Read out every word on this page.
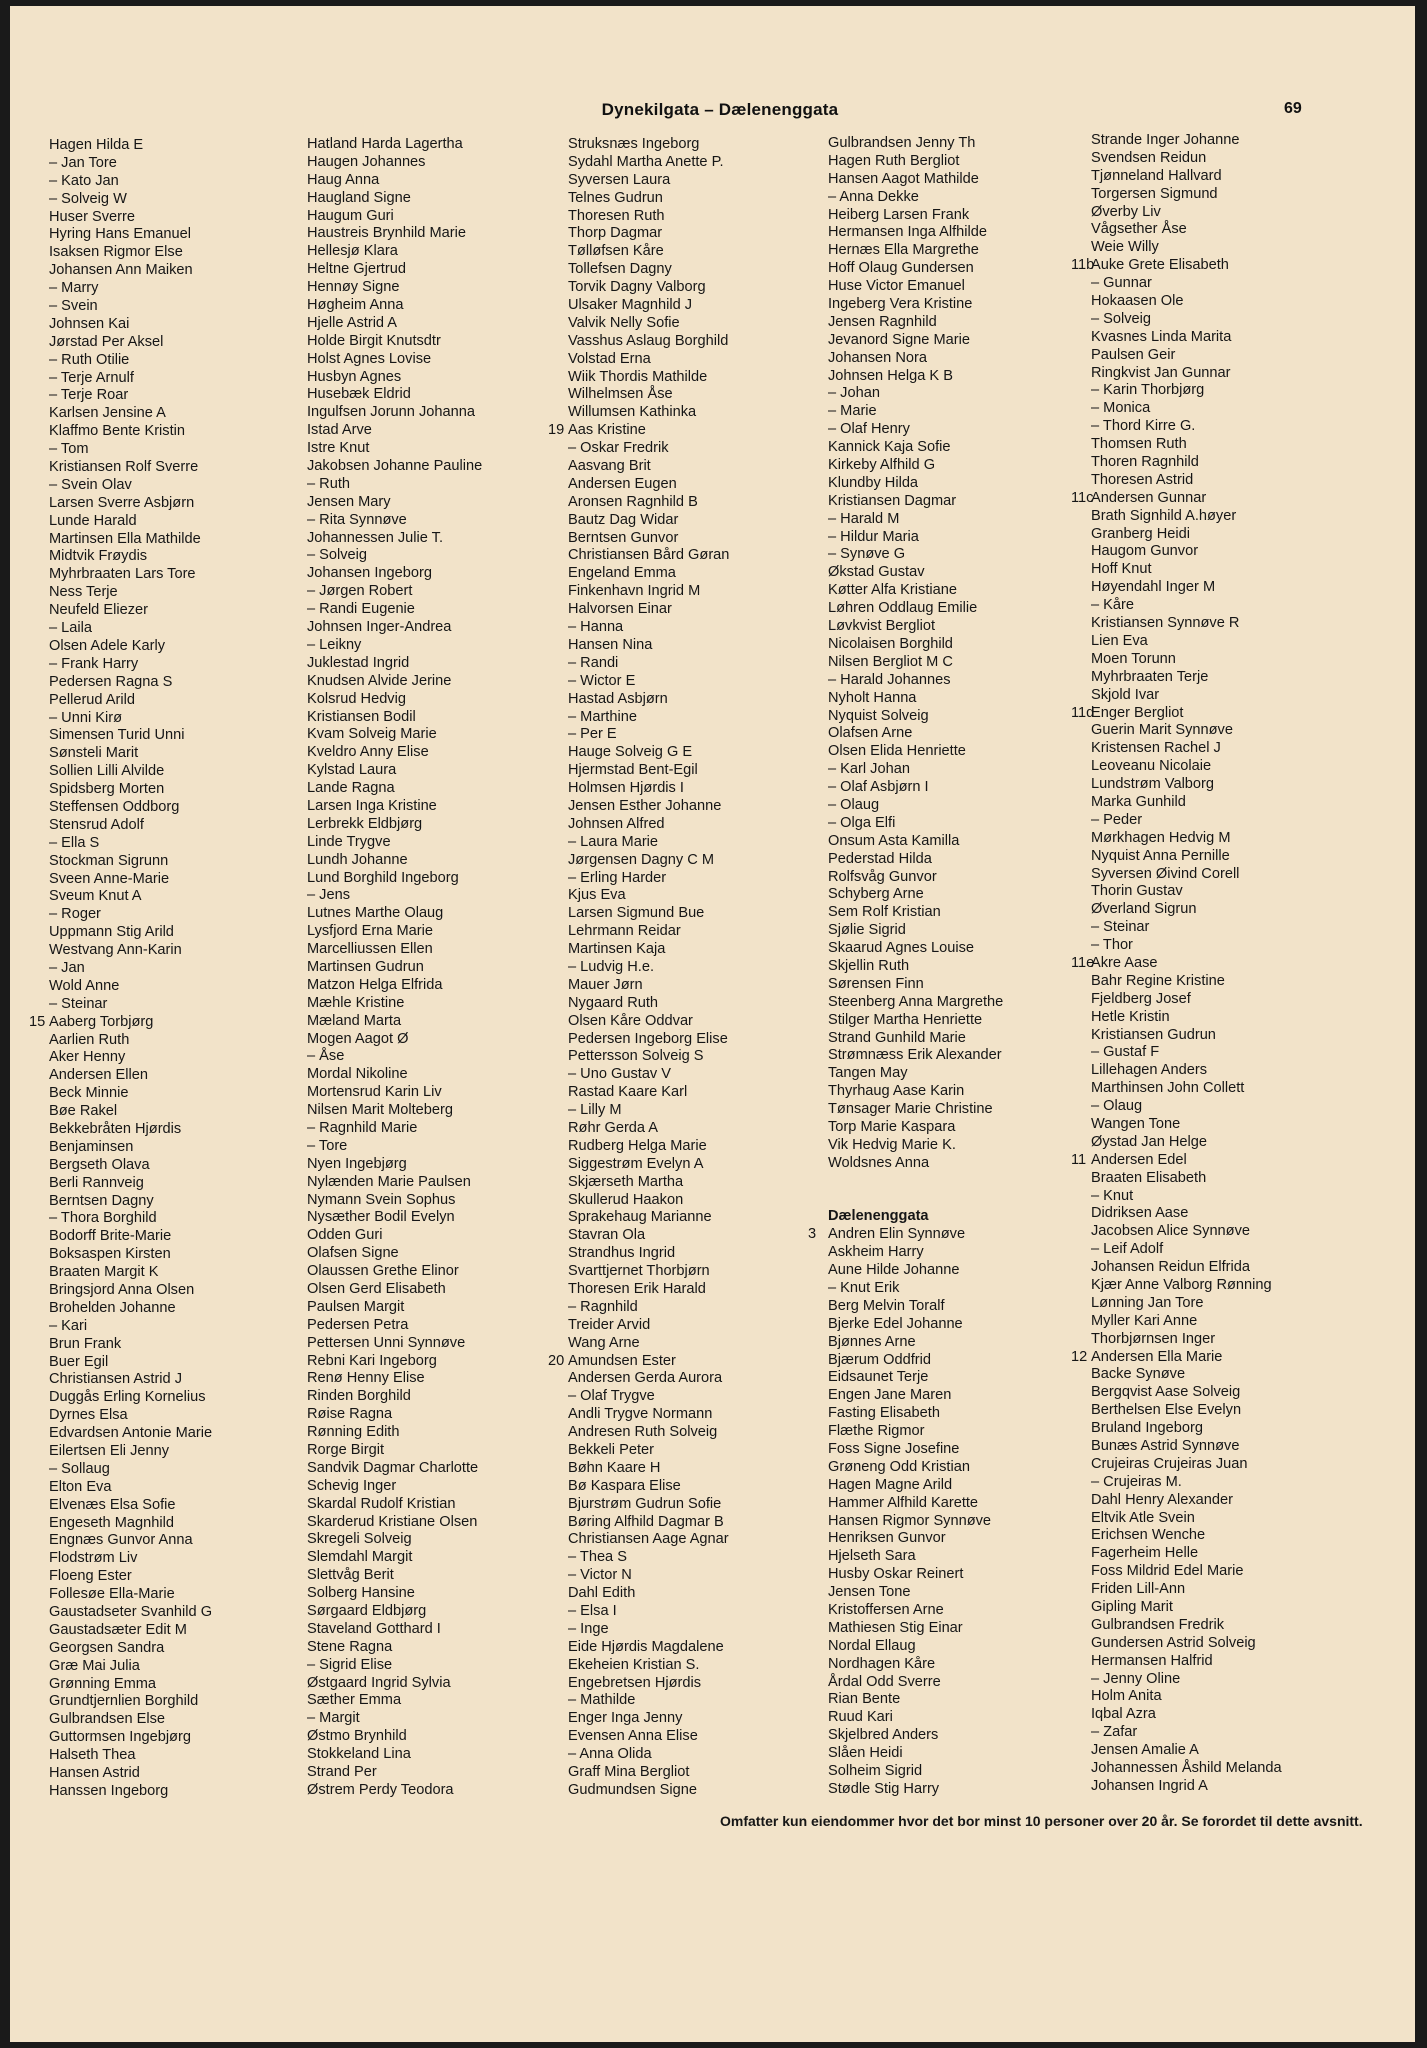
Dynekilgata – Dælenenggata	69
Hagen Hilda E
– Jan Tore
– Kato Jan
– Solveig W
Huser Sverre
Hyring Hans Emanuel
Isaksen Rigmor Else
Johansen Ann Maiken
– Marry
– Svein
Johnsen Kai
Jørstad Per Aksel
– Ruth Otilie
– Terje Arnulf
– Terje Roar
Karlsen Jensine A
Klaffmo Bente Kristin
– Tom
Kristiansen Rolf Sverre
– Svein Olav
Larsen Sverre Asbjørn
Lunde Harald
Martinsen Ella Mathilde
Midtvik Frøydis
Myhrbraaten Lars Tore
Ness Terje
Neufeld Eliezer
– Laila
Olsen Adele Karly
– Frank Harry
Pedersen Ragna S
Pellerud Arild
– Unni Kirø
Simensen Turid Unni
Sønsteli Marit
Sollien Lilli Alvilde
Spidsberg Morten
Steffensen Oddborg
Stensrud Adolf
– Ella S
Stockman Sigrunn
Sveen Anne-Marie
Sveum Knut A
– Roger
Uppmann Stig Arild
Westvang Ann-Karin
– Jan
Wold Anne
– Steinar
15 Aaberg Torbjørg
Aarlien Ruth
Aker Henny
Andersen Ellen
Beck Minnie
Bøe Rakel
Bekkebråten Hjørdis
Benjaminsen
Bergseth Olava
Berli Rannveig
Berntsen Dagny
– Thora Borghild
Bodorff Brite-Marie
Boksaspen Kirsten
Braaten Margit K
Bringsjord Anna Olsen
Brohelden Johanne
– Kari
Brun Frank
Buer Egil
Christiansen Astrid J
Duggås Erling Kornelius
Dyrnes Elsa
Edvardsen Antonie Marie
Eilertsen Eli Jenny
– Sollaug
Elton Eva
Elvenæs Elsa Sofie
Engeseth Magnhild
Engnæs Gunvor Anna
Flodstrøm Liv
Floeng Ester
Follesøe Ella-Marie
Gaustadseter Svanhild G
Gaustadsæter Edit M
Georgsen Sandra
Græ Mai Julia
Grønning Emma
Grundtjernlien Borghild
Gulbrandsen Else
Guttormsen Ingebjørg
Halseth Thea
Hansen Astrid
Hanssen Ingeborg
Hatland Harda Lagertha
Haugen Johannes
Haug Anna
Haugland Signe
Haugum Guri
Haustreis Brynhild Marie
Hellesjø Klara
Heltne Gjertrud
Hennøy Signe
Høgheim Anna
Hjelle Astrid A
Holde Birgit Knutsdtr
Holst Agnes Lovise
Husbyn Agnes
Husebæk Eldrid
Ingulfsen Jorunn Johanna
Istad Arve
Istre Knut
Jakobsen Johanne Pauline
– Ruth
Jensen Mary
– Rita Synnøve
Johannessen Julie T.
– Solveig
Johansen Ingeborg
– Jørgen Robert
– Randi Eugenie
Johnsen Inger-Andrea
– Leikny
Juklestad Ingrid
Knudsen Alvide Jerine
Kolsrud Hedvig
Kristiansen Bodil
Kvam Solveig Marie
Kveldro Anny Elise
Kylstad Laura
Lande Ragna
Larsen Inga Kristine
Lerbrekk Eldbjørg
Linde Trygve
Lundh Johanne
Lund Borghild Ingeborg
– Jens
Lutnes Marthe Olaug
Lysfjord Erna Marie
Marcelliussen Ellen
Martinsen Gudrun
Matzon Helga Elfrida
Mæhle Kristine
Mæland Marta
Mogen Aagot Ø
– Åse
Mordal Nikoline
Mortensrud Karin Liv
Nilsen Marit Molteberg
– Ragnhild Marie
– Tore
Nyen Ingebjørg
Nylænden Marie Paulsen
Nymann Svein Sophus
Nysæther Bodil Evelyn
Odden Guri
Olafsen Signe
Olaussen Grethe Elinor
Olsen Gerd Elisabeth
Paulsen Margit
Pedersen Petra
Pettersen Unni Synnøve
Rebni Kari Ingeborg
Renø Henny Elise
Rinden Borghild
Røise Ragna
Rønning Edith
Rorge Birgit
Sandvik Dagmar Charlotte
Schevig Inger
Skardal Rudolf Kristian
Skarderud Kristiane Olsen
Skregeli Solveig
Slemdahl Margit
Slettvåg Berit
Solberg Hansine
Sørgaard Eldbjørg
Staveland Gotthard I
Stene Ragna
– Sigrid Elise
Østgaard Ingrid Sylvia
Sæther Emma
– Margit
Østmo Brynhild
Stokkeland Lina
Strand Per
Østrem Perdy Teodora
Struksnæs Ingeborg
Sydahl Martha Anette P.
Syversen Laura
Telnes Gudrun
Thoresen Ruth
Thorp Dagmar
Tølløfsen Kåre
Tollefsen Dagny
Torvik Dagny Valborg
Ulsaker Magnhild J
Valvik Nelly Sofie
Vasshus Aslaug Borghild
Volstad Erna
Wiik Thordis Mathilde
Wilhelmsen Åse
Willumsen Kathinka
19 Aas Kristine
– Oskar Fredrik
Aasvang Brit
Andersen Eugen
Aronsen Ragnhild B
Bautz Dag Widar
Berntsen Gunvor
Christiansen Bård Gøran
Engeland Emma
Finkenhavn Ingrid M
Halvorsen Einar
– Hanna
Hansen Nina
– Randi
– Wictor E
Hastad Asbjørn
– Marthine
– Per E
Hauge Solveig G E
Hjermstad Bent-Egil
Holmsen Hjørdis I
Jensen Esther Johanne
Johnsen Alfred
– Laura Marie
Jørgensen Dagny C M
– Erling Harder
Kjus Eva
Larsen Sigmund Bue
Lehrmann Reidar
Martinsen Kaja
– Ludvig H.e.
Mauer Jørn
Nygaard Ruth
Olsen Kåre Oddvar
Pedersen Ingeborg Elise
Pettersson Solveig S
– Uno Gustav V
Rastad Kaare Karl
– Lilly M
Røhr Gerda A
Rudberg Helga Marie
Siggestrøm Evelyn A
Skjærseth Martha
Skullerud Haakon
Sprakehaug Marianne
Stavran Ola
Strandhus Ingrid
Svarttjernet Thorbjørn
Thoresen Erik Harald
– Ragnhild
Treider Arvid
Wang Arne
20 Amundsen Ester
Andersen Gerda Aurora
– Olaf Trygve
Andli Trygve Normann
Andresen Ruth Solveig
Bekkeli Peter
Bøhn Kaare H
Bø Kaspara Elise
Bjurstrøm Gudrun Sofie
Børing Alfhild Dagmar B
Christiansen Aage Agnar
– Thea S
– Victor N
Dahl Edith
– Elsa I
– Inge
Eide Hjørdis Magdalene
Ekeheien Kristian S.
Engebretsen Hjørdis
– Mathilde
Enger Inga Jenny
Evensen Anna Elise
– Anna Olida
Graff Mina Bergliot
Gudmundsen Signe
Gulbrandsen Jenny Th
Hagen Ruth Bergliot
Hansen Aagot Mathilde
– Anna Dekke
Heiberg Larsen Frank
Hermansen Inga Alfhilde
Hernæs Ella Margrethe
Hoff Olaug Gundersen
Huse Victor Emanuel
Ingeberg Vera Kristine
Jensen Ragnhild
Jevanord Signe Marie
Johansen Nora
Johnsen Helga K B
– Johan
– Marie
– Olaf Henry
Kannick Kaja Sofie
Kirkeby Alfhild G
Klundby Hilda
Kristiansen Dagmar
– Harald M
– Hildur Maria
– Synøve G
Økstad Gustav
Køtter Alfa Kristiane
Løhren Oddlaug Emilie
Løvkvist Bergliot
Nicolaisen Borghild
Nilsen Bergliot M C
– Harald Johannes
Nyholt Hanna
Nyquist Solveig
Olafsen Arne
Olsen Elida Henriette
– Karl Johan
– Olaf Asbjørn I
– Olaug
– Olga Elfi
Onsum Asta Kamilla
Pederstad Hilda
Rolfsvåg Gunvor
Schyberg Arne
Sem Rolf Kristian
Sjølie Sigrid
Skaarud Agnes Louise
Skjellin Ruth
Sørensen Finn
Steenberg Anna Margrethe
Stilger Martha Henriette
Strand Gunhild Marie
Strømnæss Erik Alexander
Tangen May
Thyrhaug Aase Karin
Tønsager Marie Christine
Torp Marie Kaspara
Vik Hedvig Marie K.
Woldsnes Anna
Dælenenggata
3 Andren Elin Synnøve
Askheim Harry
Aune Hilde Johanne
– Knut Erik
Berg Melvin Toralf
Bjerke Edel Johanne
Bjønnes Arne
Bjærum Oddfrid
Eidsaunet Terje
Engen Jane Maren
Fasting Elisabeth
Flæthe Rigmor
Foss Signe Josefine
Grøneng Odd Kristian
Hagen Magne Arild
Hammer Alfhild Karette
Hansen Rigmor Synnøve
Henriksen Gunvor
Hjelseth Sara
Husby Oskar Reinert
Jensen Tone
Kristoffersen Arne
Mathiesen Stig Einar
Nordal Ellaug
Nordhagen Kåre
Årdal Odd Sverre
Rian Bente
Ruud Kari
Skjelbred Anders
Slåen Heidi
Solheim Sigrid
Stødle Stig Harry
Strande Inger Johanne
Svendsen Reidun
Tjønneland Hallvard
Torgersen Sigmund
Øverby Liv
Vågsether Åse
Weie Willy
11b
Auke Grete Elisabeth
– Gunnar
Hokaasen Ole
– Solveig
Kvasnes Linda Marita
Paulsen Geir
Ringkvist Jan Gunnar
– Karin Thorbjørg
– Monica
– Thord Kirre G.
Thomsen Ruth
Thoren Ragnhild
Thoresen Astrid
11c
Andersen Gunnar
Brath Signhild A.høyer
Granberg Heidi
Haugom Gunvor
Hoff Knut
Høyendahl Inger M
– Kåre
Kristiansen Synnøve R
Lien Eva
Moen Torunn
Myhrbraaten Terje
Skjold Ivar
11d
Enger Bergliot
Guerin Marit Synnøve
Kristensen Rachel J
Leoveanu Nicolaie
Lundstrøm Valborg
Marka Gunhild
– Peder
Mørkhagen Hedvig M
Nyquist Anna Pernille
Syversen Øivind Corell
Thorin Gustav
Øverland Sigrun
– Steinar
– Thor
11e
Akre Aase
Bahr Regine Kristine
Fjeldberg Josef
Hetle Kristin
Kristiansen Gudrun
– Gustaf F
Lillehagen Anders
Marthinsen John Collett
– Olaug
Wangen Tone
Øystad Jan Helge
11 Andersen Edel
Braaten Elisabeth
– Knut
Didriksen Aase
Jacobsen Alice Synnøve
– Leif Adolf
Johansen Reidun Elfrida
Kjær Anne Valborg Rønning
Lønning Jan Tore
Myller Kari Anne
Thorbjørnsen Inger
12 Andersen Ella Marie
Backe Synøve
Bergqvist Aase Solveig
Berthelsen Else Evelyn
Bruland Ingeborg
Bunæs Astrid Synnøve
Crujeiras Crujeiras Juan
– Crujeiras M.
Dahl Henry Alexander
Eltvik Atle Svein
Erichsen Wenche
Fagerheim Helle
Foss Mildrid Edel Marie
Friden Lill-Ann
Gipling Marit
Gulbrandsen Fredrik
Gundersen Astrid Solveig
Hermansen Halfrid
– Jenny Oline
Holm Anita
Iqbal Azra
– Zafar
Jensen Amalie A
Johannessen Åshild Melanda
Johansen Ingrid A
Omfatter kun eiendommer hvor det bor minst 10 personer over 20 år. Se forordet til dette avsnitt.
